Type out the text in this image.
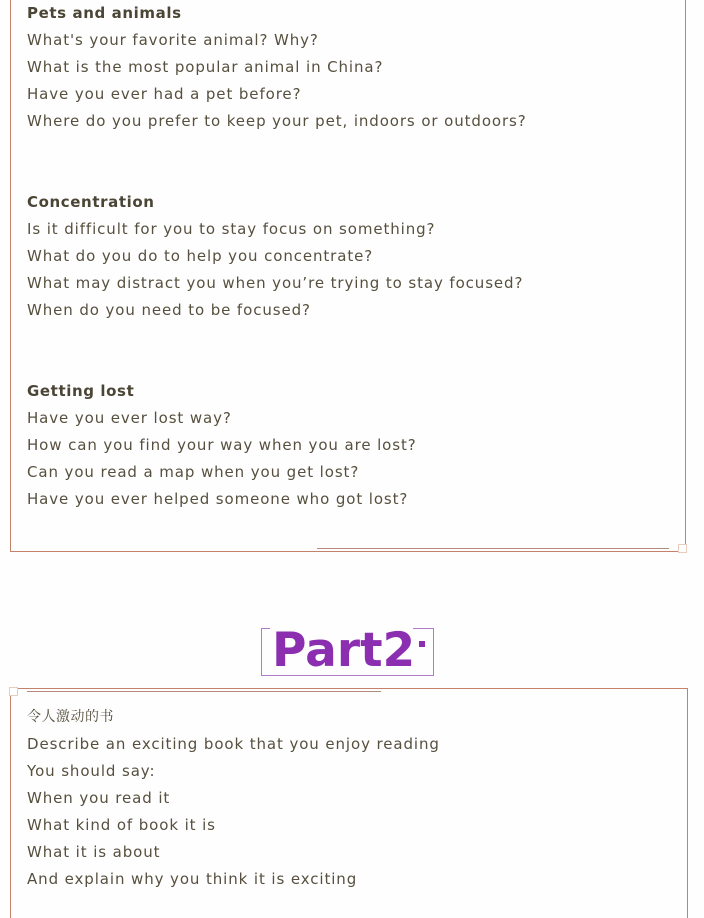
Pets and animals
What's your favorite animal? Why?
What is the most popular animal in China?
Have you ever had a pet before?
Where do you prefer to keep your pet, indoors or outdoors?
Concentration
Is it difficult for you to stay focus on something?
What do you do to help you concentrate?
What may distract you when you’re trying to stay focused?
When do you need to be focused?
Getting lost
Have you ever lost way?
How can you find your way when you are lost?
Can you read a map when you get lost?
Have you ever helped someone who got lost?
Part2
令人激动的书
Describe an exciting book that you enjoy reading
You should say:
When you read it
What kind of book it is
What it is about
And explain why you think it is exciting
